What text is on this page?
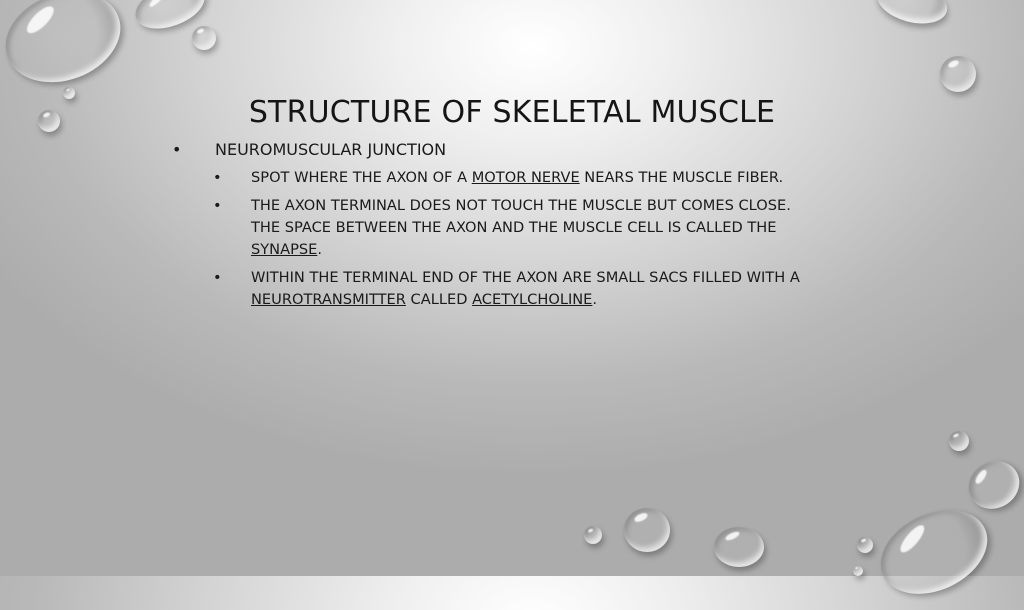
STRUCTURE OF SKELETAL MUSCLE
• NEUROMUSCULAR JUNCTION
• SPOT WHERE THE AXON OF A MOTOR NERVE NEARS THE MUSCLE FIBER.
• THE AXON TERMINAL DOES NOT TOUCH THE MUSCLE BUT COMES CLOSE.
THE SPACE BETWEEN THE AXON AND THE MUSCLE CELL IS CALLED THE
SYNAPSE.
• WITHIN THE TERMINAL END OF THE AXON ARE SMALL SACS FILLED WITH A
NEUROTRANSMITTER CALLED ACETYLCHOLINE.
